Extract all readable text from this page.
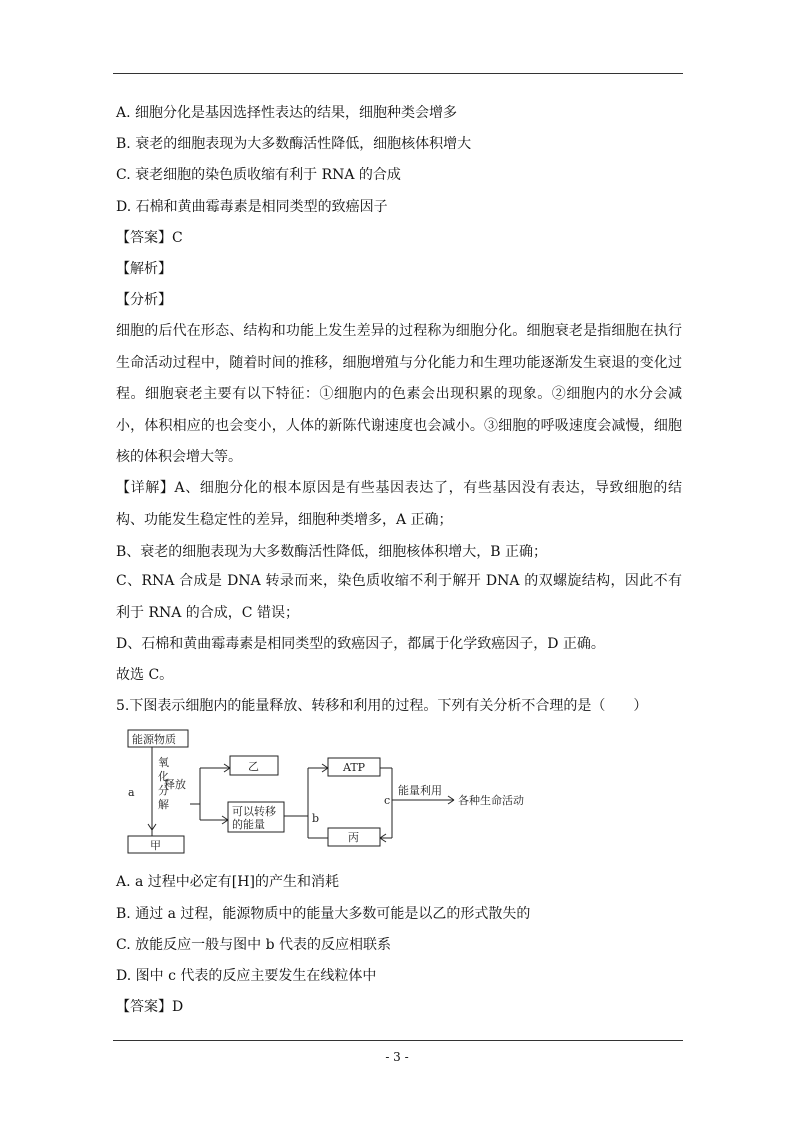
A. 细胞分化是基因选择性表达的结果，细胞种类会增多
B. 衰老的细胞表现为大多数酶活性降低，细胞核体积增大
C. 衰老细胞的染色质收缩有利于 RNA 的合成
D. 石棉和黄曲霉毒素是相同类型的致癌因子
【答案】C
【解析】
【分析】

细胞的后代在形态、结构和功能上发生差异的过程称为细胞分化。细胞衰老是指细胞在执行生命活动过程中，随着时间的推移，细胞增殖与分化能力和生理功能逐渐发生衰退的变化过程。细胞衰老主要有以下特征：①细胞内的色素会出现积累的现象。②细胞内的水分会减小，体积相应的也会变小，人体的新陈代谢速度也会减小。③细胞的呼吸速度会减慢，细胞核的体积会增大等。

【详解】A、细胞分化的根本原因是有些基因表达了，有些基因没有表达，导致细胞的结构、功能发生稳定性的差异，细胞种类增多，A 正确；

B、衰老的细胞表现为大多数酶活性降低，细胞核体积增大，B 正确；

C、RNA 合成是 DNA 转录而来，染色质收缩不利于解开 DNA 的双螺旋结构，因此不有利于 RNA 的合成，C 错误；

D、石棉和黄曲霉毒素是相同类型的致癌因子，都属于化学致癌因子，D 正确。
故选 C。
5.下图表示细胞内的能量释放、转移和利用的过程。下列有关分析不合理的是（　　）
能源物质
a
氧
化
分
解
释放
乙
可以转移
的能量
甲
ATP
丙
b
c
能量利用
各种生命活动
A. a 过程中必定有[H]的产生和消耗
B. 通过 a 过程，能源物质中的能量大多数可能是以乙的形式散失的
C. 放能反应一般与图中 b 代表的反应相联系
D. 图中 c 代表的反应主要发生在线粒体中
【答案】D
- 3 -
